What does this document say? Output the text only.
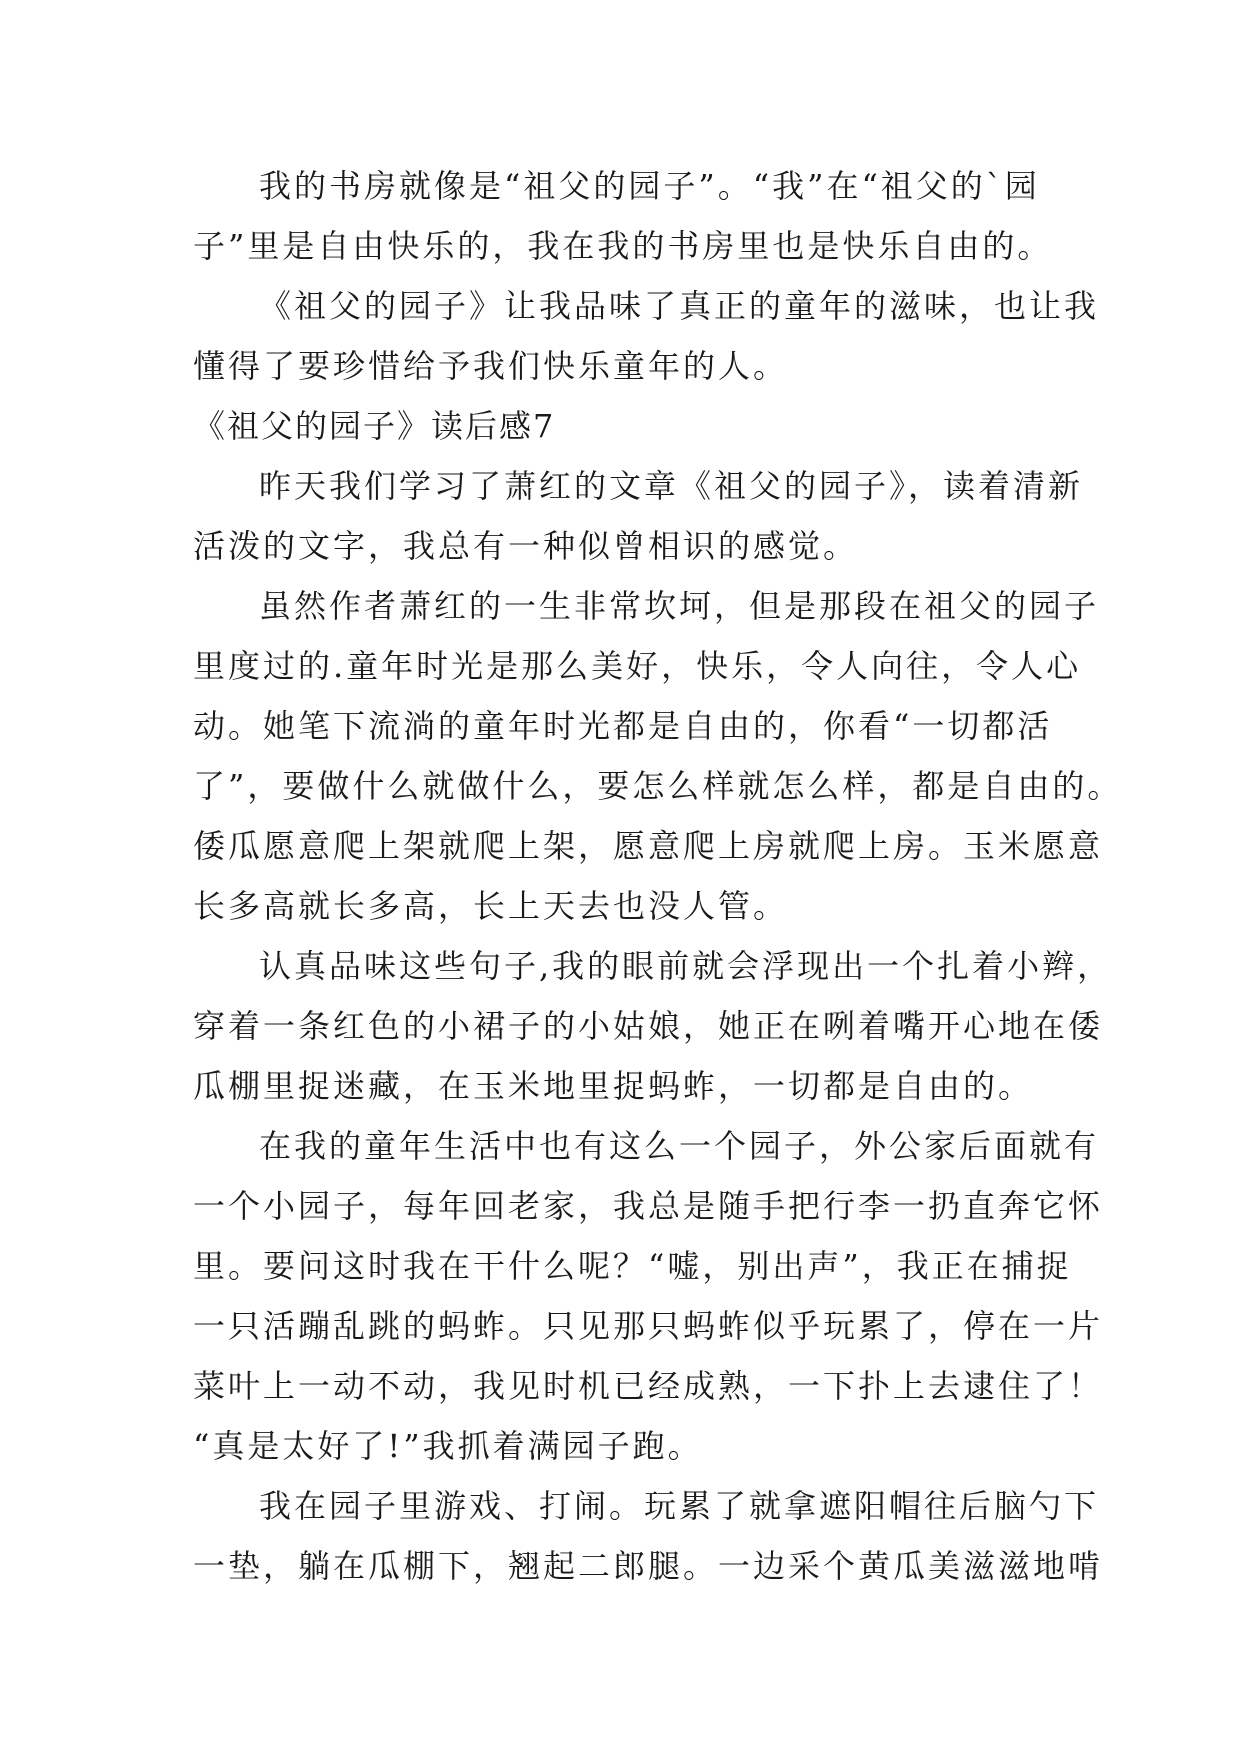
我的书房就像是“祖父的园子”。“我”在“祖父的`园
子”里是自由快乐的，我在我的书房里也是快乐自由的。
《祖父的园子》让我品味了真正的童年的滋味，也让我
懂得了要珍惜给予我们快乐童年的人。
《祖父的园子》读后感7
昨天我们学习了萧红的文章《祖父的园子》，读着清新
活泼的文字，我总有一种似曾相识的感觉。
虽然作者萧红的一生非常坎坷，但是那段在祖父的园子
里度过的.童年时光是那么美好，快乐，令人向往，令人心
动。她笔下流淌的童年时光都是自由的，你看“一切都活
了”，要做什么就做什么，要怎么样就怎么样，都是自由的。
倭瓜愿意爬上架就爬上架，愿意爬上房就爬上房。玉米愿意
长多高就长多高，长上天去也没人管。
认真品味这些句子,我的眼前就会浮现出一个扎着小辫，
穿着一条红色的小裙子的小姑娘，她正在咧着嘴开心地在倭
瓜棚里捉迷藏，在玉米地里捉蚂蚱，一切都是自由的。
在我的童年生活中也有这么一个园子，外公家后面就有
一个小园子，每年回老家，我总是随手把行李一扔直奔它怀
里。要问这时我在干什么呢？“嘘，别出声”，我正在捕捉
一只活蹦乱跳的蚂蚱。只见那只蚂蚱似乎玩累了，停在一片
菜叶上一动不动，我见时机已经成熟，一下扑上去逮住了！
“真是太好了!”我抓着满园子跑。
我在园子里游戏、打闹。玩累了就拿遮阳帽往后脑勺下
一垫，躺在瓜棚下，翘起二郎腿。一边采个黄瓜美滋滋地啃
